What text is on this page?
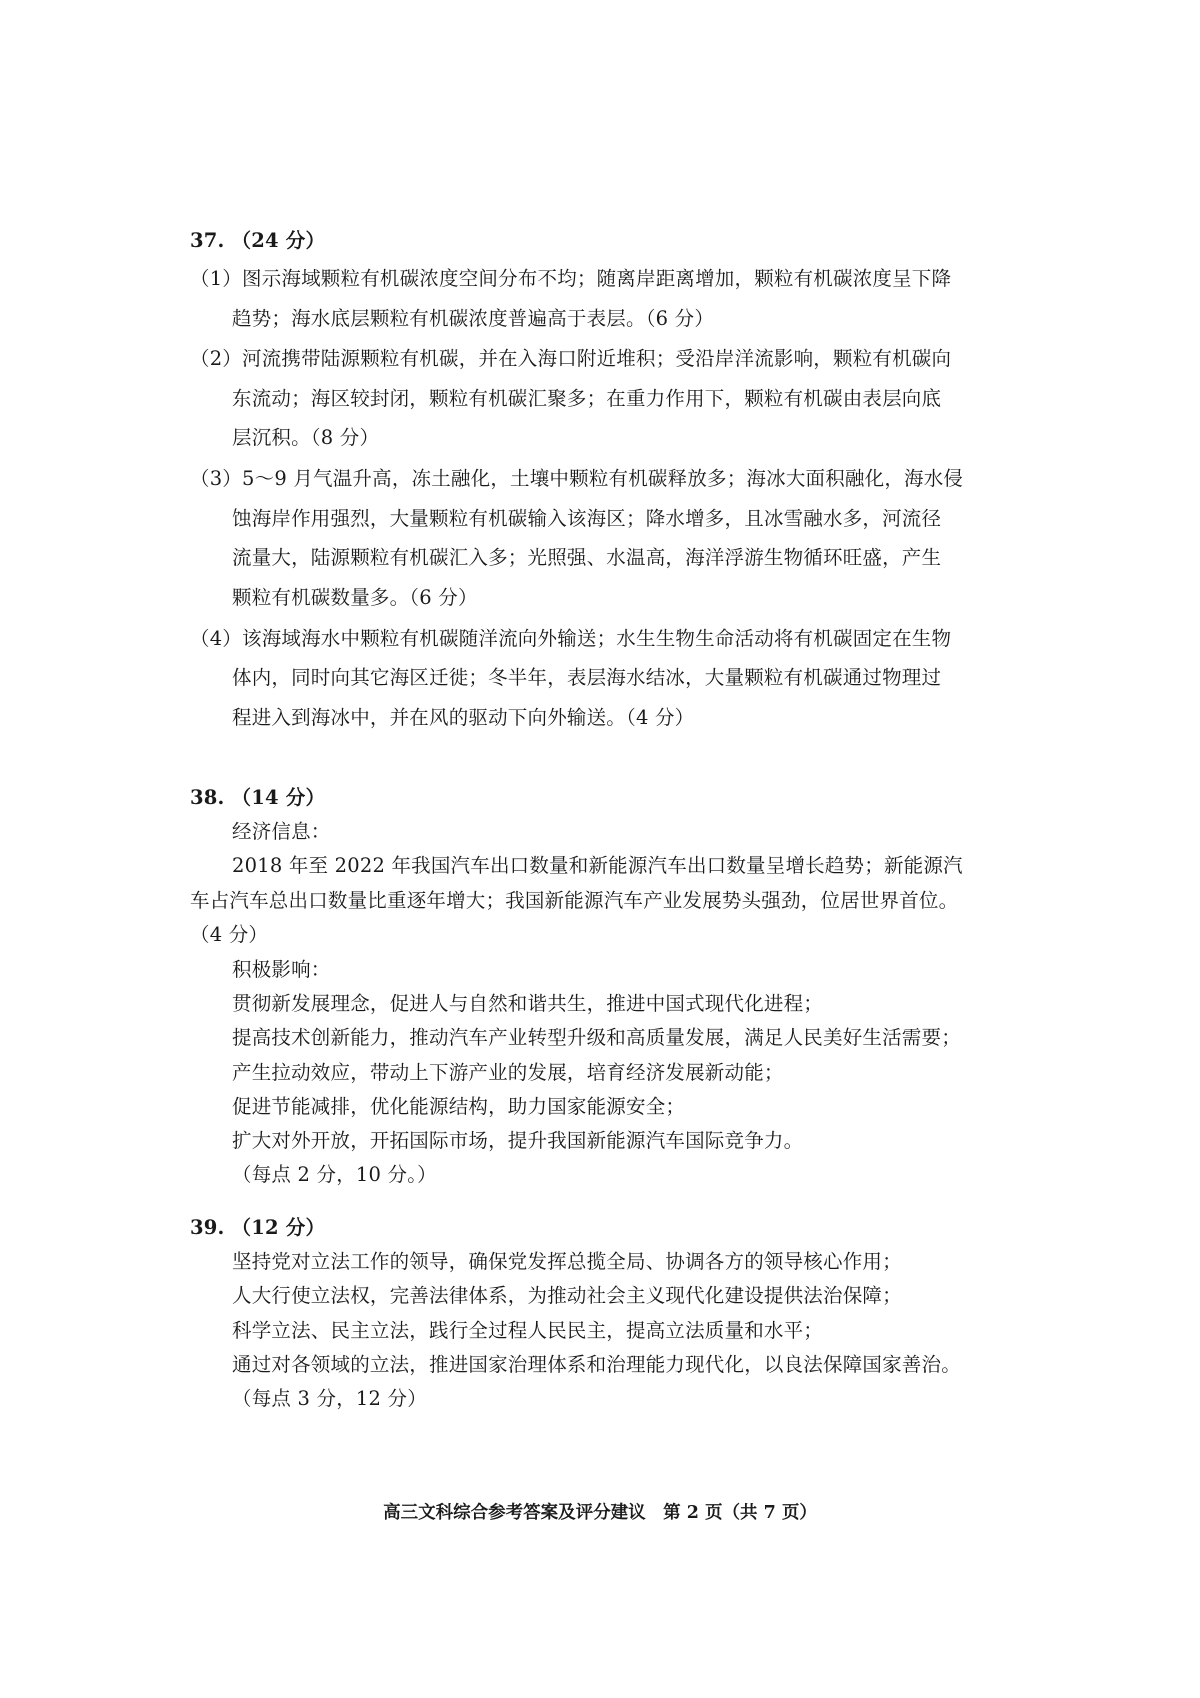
37. （24 分）
（1）图示海域颗粒有机碳浓度空间分布不均；随离岸距离增加，颗粒有机碳浓度呈下降
趋势；海水底层颗粒有机碳浓度普遍高于表层。（6 分）
（2）河流携带陆源颗粒有机碳，并在入海口附近堆积；受沿岸洋流影响，颗粒有机碳向
东流动；海区较封闭，颗粒有机碳汇聚多；在重力作用下，颗粒有机碳由表层向底
层沉积。（8 分）
（3）5～9 月气温升高，冻土融化，土壤中颗粒有机碳释放多；海冰大面积融化，海水侵
蚀海岸作用强烈，大量颗粒有机碳输入该海区；降水增多，且冰雪融水多，河流径
流量大，陆源颗粒有机碳汇入多；光照强、水温高，海洋浮游生物循环旺盛，产生
颗粒有机碳数量多。（6 分）
（4）该海域海水中颗粒有机碳随洋流向外输送；水生生物生命活动将有机碳固定在生物
体内，同时向其它海区迁徙；冬半年，表层海水结冰，大量颗粒有机碳通过物理过
程进入到海冰中，并在风的驱动下向外输送。（4 分）
38. （14 分）
经济信息：
2018 年至 2022 年我国汽车出口数量和新能源汽车出口数量呈增长趋势；新能源汽
车占汽车总出口数量比重逐年增大；我国新能源汽车产业发展势头强劲，位居世界首位。
（4 分）
积极影响：
贯彻新发展理念，促进人与自然和谐共生，推进中国式现代化进程；
提高技术创新能力，推动汽车产业转型升级和高质量发展，满足人民美好生活需要；
产生拉动效应，带动上下游产业的发展，培育经济发展新动能；
促进节能减排，优化能源结构，助力国家能源安全；
扩大对外开放，开拓国际市场，提升我国新能源汽车国际竞争力。
（每点 2 分，10 分。）
39. （12 分）
坚持党对立法工作的领导，确保党发挥总揽全局、协调各方的领导核心作用；
人大行使立法权，完善法律体系，为推动社会主义现代化建设提供法治保障；
科学立法、民主立法，践行全过程人民民主，提高立法质量和水平；
通过对各领域的立法，推进国家治理体系和治理能力现代化，以良法保障国家善治。
（每点 3 分，12 分）
高三文科综合参考答案及评分建议　第 2 页（共 7 页）
